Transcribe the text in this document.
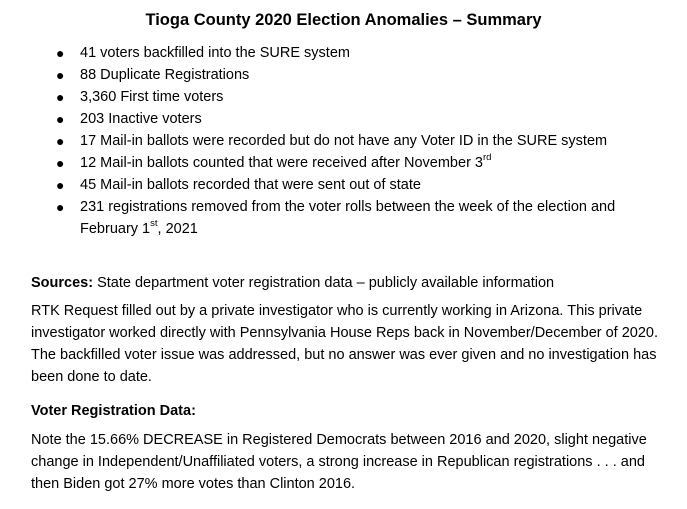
Tioga County 2020 Election Anomalies – Summary
● 41 voters backfilled into the SURE system
● 88 Duplicate Registrations
● 3,360 First time voters
● 203 Inactive voters
● 17 Mail-in ballots were recorded but do not have any Voter ID in the SURE system
● 12 Mail-in ballots counted that were received after November 3rd
● 45 Mail-in ballots recorded that were sent out of state
● 231 registrations removed from the voter rolls between the week of the election and
February 1st, 2021
Sources: State department voter registration data – publicly available information
RTK Request filled out by a private investigator who is currently working in Arizona. This private investigator worked directly with Pennsylvania House Reps back in November/December of 2020. The backfilled voter issue was addressed, but no answer was ever given and no investigation has been done to date.
Voter Registration Data:
Note the 15.66% DECREASE in Registered Democrats between 2016 and 2020, slight negative change in Independent/Unaffiliated voters, a strong increase in Republican registrations . . . and then Biden got 27% more votes than Clinton 2016.
